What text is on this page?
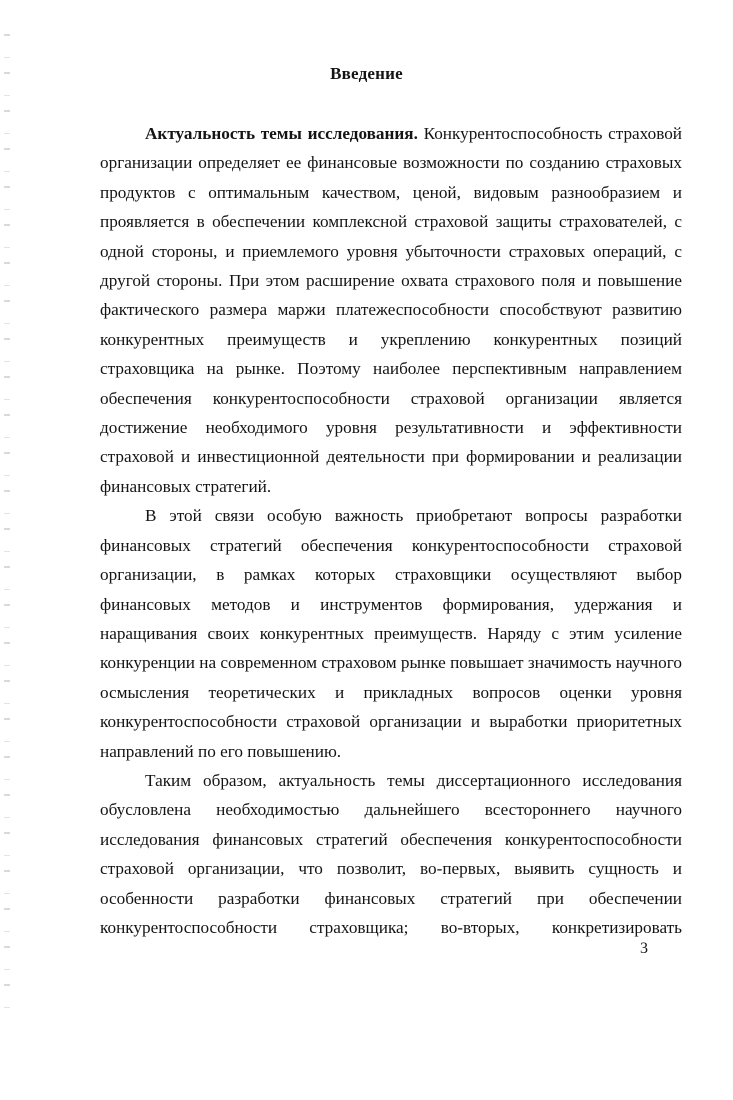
Введение

Актуальность темы исследования. Конкурентоспособность страховой организации определяет ее финансовые возможности по созданию страховых продуктов с оптимальным качеством, ценой, видовым разнообразием и проявляется в обеспечении комплексной страховой защиты страхователей, с одной стороны, и приемлемого уровня убыточности страховых операций, с другой стороны. При этом расширение охвата страхового поля и повышение фактического размера маржи платежеспособности способствуют развитию конкурентных преимуществ и укреплению конкурентных позиций страховщика на рынке. Поэтому наиболее перспективным направлением обеспечения конкурентоспособности страховой организации является достижение необходимого уровня результативности и эффективности страховой и инвестиционной деятельности при формировании и реализации финансовых стратегий.

В этой связи особую важность приобретают вопросы разработки финансовых стратегий обеспечения конкурентоспособности страховой организации, в рамках которых страховщики осуществляют выбор финансовых методов и инструментов формирования, удержания и наращивания своих конкурентных преимуществ. Наряду с этим усиление конкуренции на современном страховом рынке повышает значимость научного осмысления теоретических и прикладных вопросов оценки уровня конкурентоспособности страховой организации и выработки приоритетных направлений по его повышению.

Таким образом, актуальность темы диссертационного исследования обусловлена необходимостью дальнейшего всестороннего научного исследования финансовых стратегий обеспечения конкурентоспособности страховой организации, что позволит, во-первых, выявить сущность и особенности разработки финансовых стратегий при обеспечении конкурентоспособности страховщика; во-вторых, конкретизировать

3
